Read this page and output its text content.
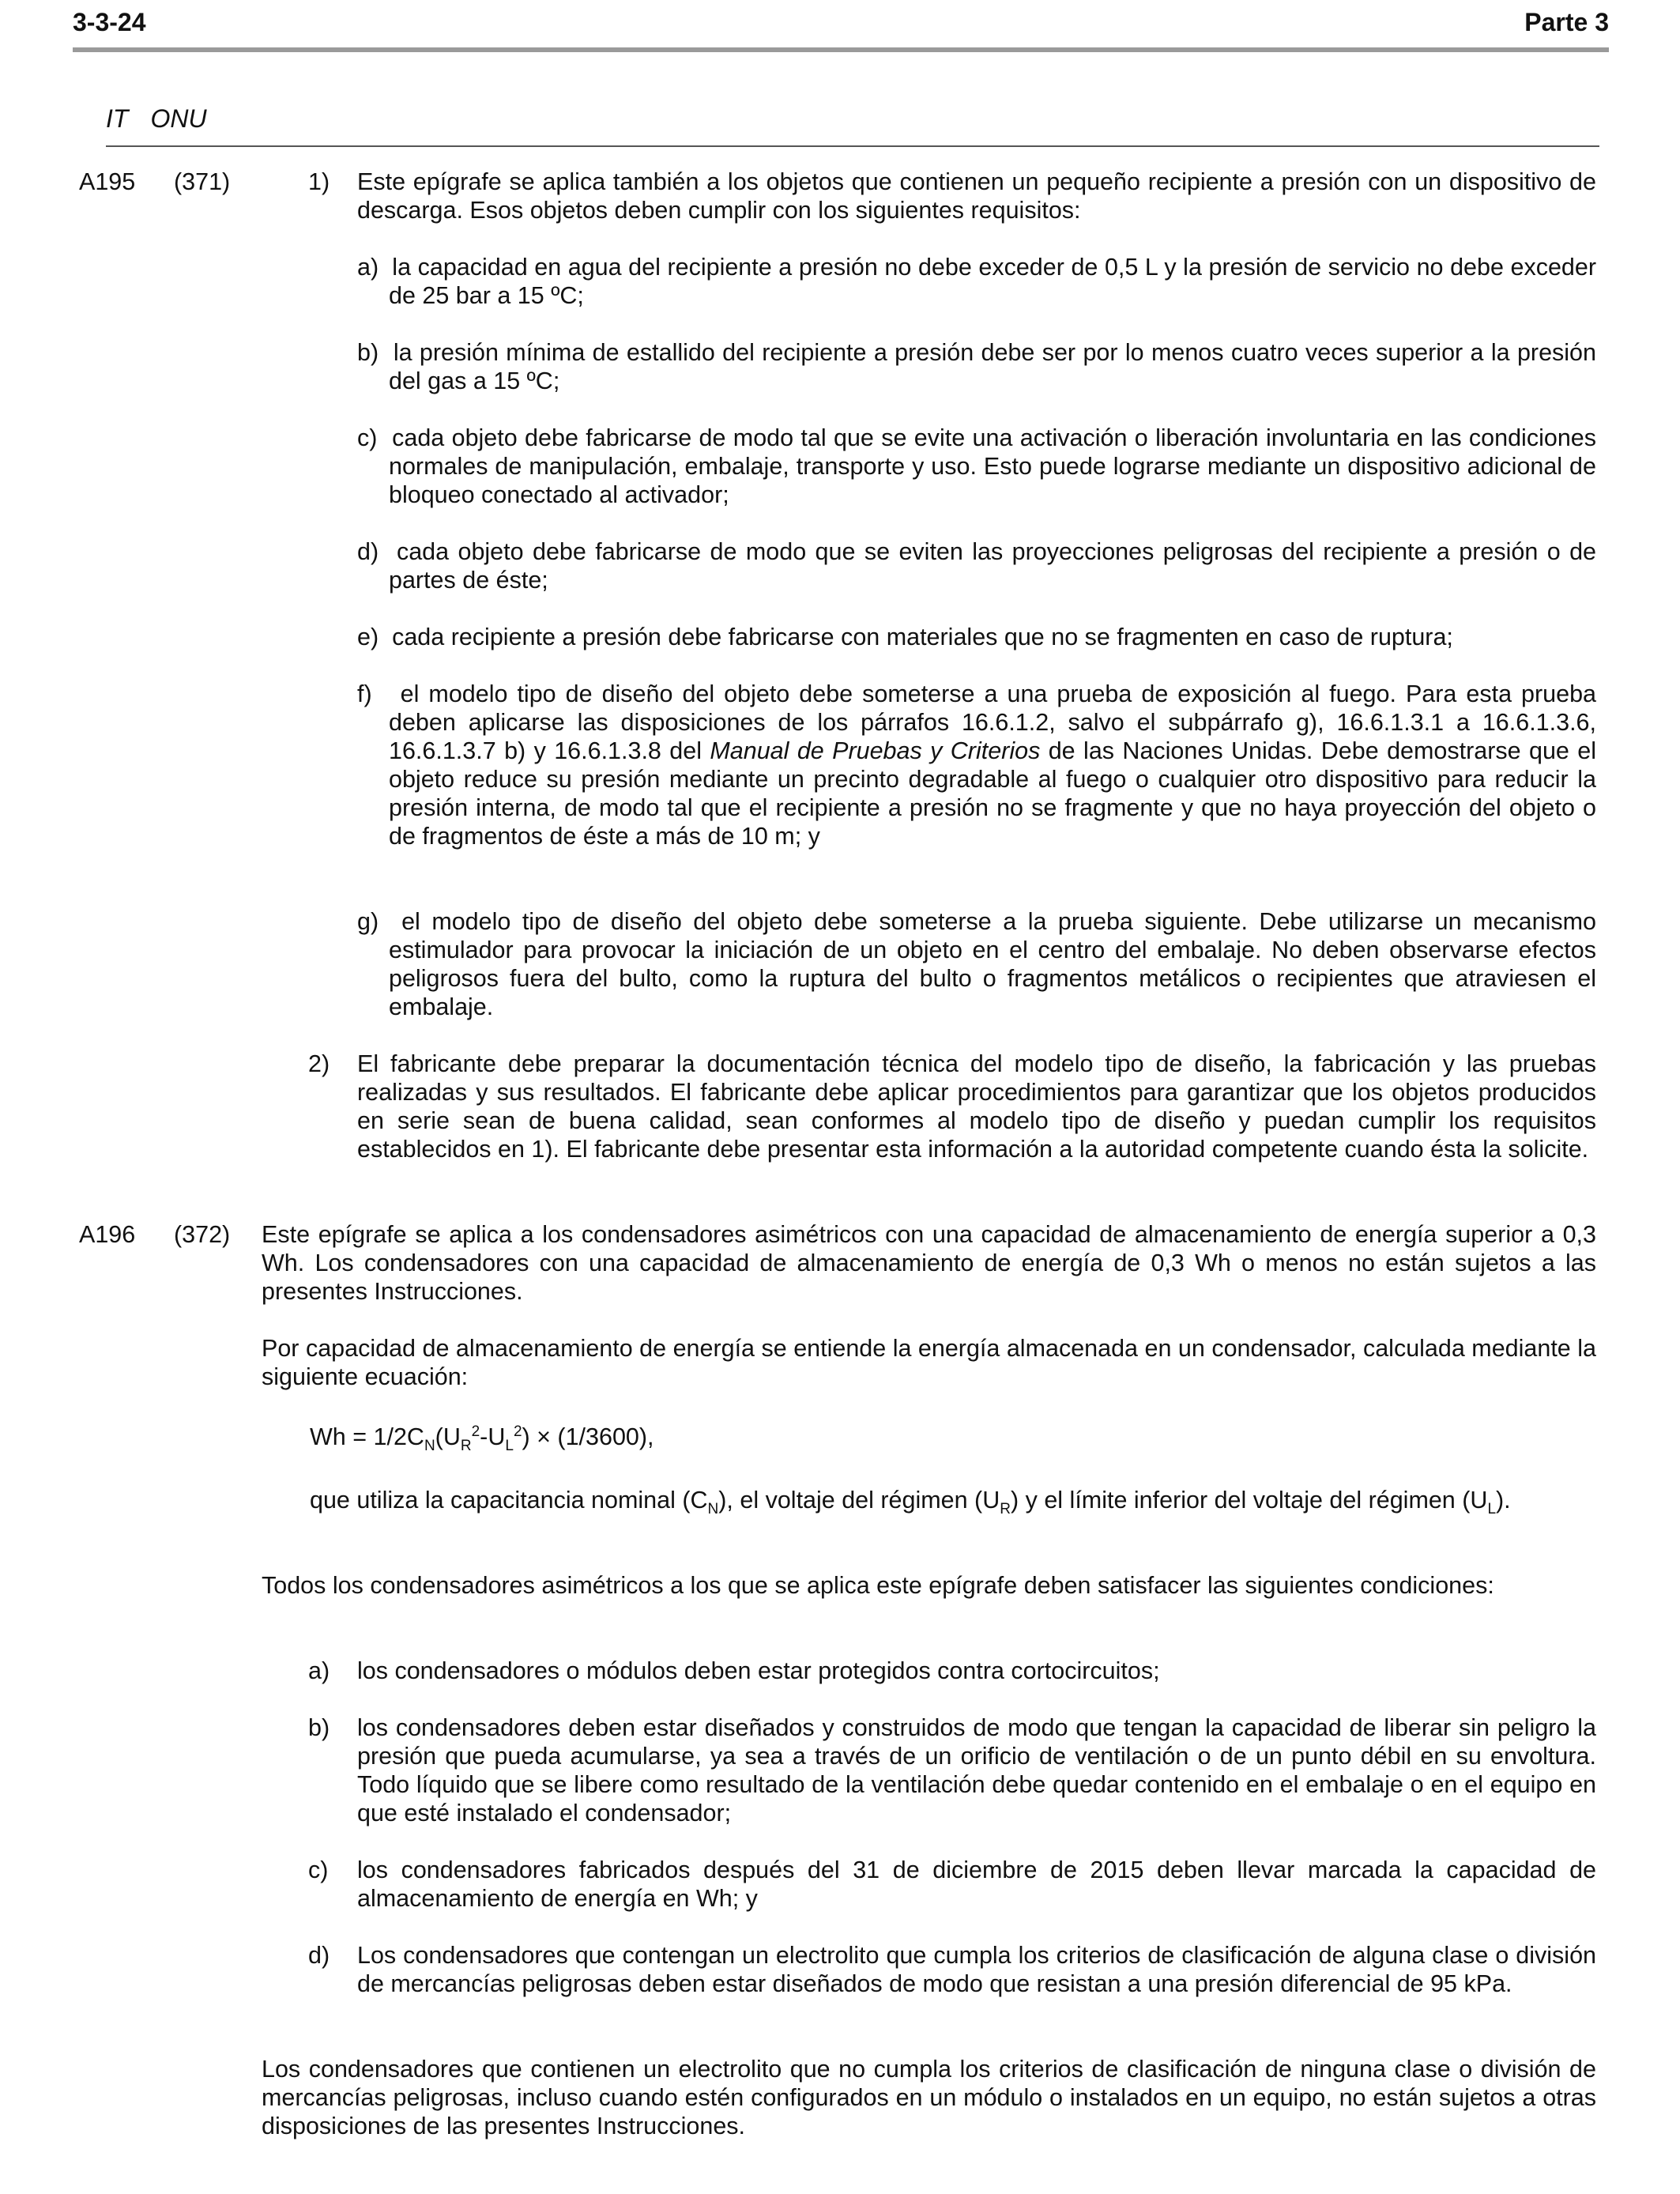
3-3-24	Parte 3
IT ONU
A195 (371)	1) Este epígrafe se aplica también a los objetos que contienen un pequeño recipiente a presión con un dispositivo de descarga. Esos objetos deben cumplir con los siguientes requisitos:

a) la capacidad en agua del recipiente a presión no debe exceder de 0,5 L y la presión de servicio no debe exceder de 25 bar a 15 ºC;

b) la presión mínima de estallido del recipiente a presión debe ser por lo menos cuatro veces superior a la presión del gas a 15 ºC;

c) cada objeto debe fabricarse de modo tal que se evite una activación o liberación involuntaria en las condiciones normales de manipulación, embalaje, transporte y uso. Esto puede lograrse mediante un dispositivo adicional de bloqueo conectado al activador;

d) cada objeto debe fabricarse de modo que se eviten las proyecciones peligrosas del recipiente a presión o de partes de éste;

e) cada recipiente a presión debe fabricarse con materiales que no se fragmenten en caso de ruptura;

f) el modelo tipo de diseño del objeto debe someterse a una prueba de exposición al fuego. Para esta prueba deben aplicarse las disposiciones de los párrafos 16.6.1.2, salvo el subpárrafo g), 16.6.1.3.1 a 16.6.1.3.6, 16.6.1.3.7 b) y 16.6.1.3.8 del Manual de Pruebas y Criterios de las Naciones Unidas. Debe demostrarse que el objeto reduce su presión mediante un precinto degradable al fuego o cualquier otro dispositivo para reducir la presión interna, de modo tal que el recipiente a presión no se fragmente y que no haya proyección del objeto o de fragmentos de éste a más de 10 m; y

g) el modelo tipo de diseño del objeto debe someterse a la prueba siguiente. Debe utilizarse un mecanismo estimulador para provocar la iniciación de un objeto en el centro del embalaje. No deben observarse efectos peligrosos fuera del bulto, como la ruptura del bulto o fragmentos metálicos o recipientes que atraviesen el embalaje.

2) El fabricante debe preparar la documentación técnica del modelo tipo de diseño, la fabricación y las pruebas realizadas y sus resultados. El fabricante debe aplicar procedimientos para garantizar que los objetos producidos en serie sean de buena calidad, sean conformes al modelo tipo de diseño y puedan cumplir los requisitos establecidos en 1). El fabricante debe presentar esta información a la autoridad competente cuando ésta la solicite.

A196 (372) Este epígrafe se aplica a los condensadores asimétricos con una capacidad de almacenamiento de energía superior a 0,3 Wh. Los condensadores con una capacidad de almacenamiento de energía de 0,3 Wh o menos no están sujetos a las presentes Instrucciones.

Por capacidad de almacenamiento de energía se entiende la energía almacenada en un condensador, calculada mediante la siguiente ecuación:

$Wh = 1/2C_N(U_R^2-U_L^2) \times (1/3600)$,

que utiliza la capacitancia nominal $(C_N)$, el voltaje del régimen $(U_R)$ y el límite inferior del voltaje del régimen $(U_L)$.

Todos los condensadores asimétricos a los que se aplica este epígrafe deben satisfacer las siguientes condiciones:

a) los condensadores o módulos deben estar protegidos contra cortocircuitos;

b) los condensadores deben estar diseñados y construidos de modo que tengan la capacidad de liberar sin peligro la presión que pueda acumularse, ya sea a través de un orificio de ventilación o de un punto débil en su envoltura. Todo líquido que se libere como resultado de la ventilación debe quedar contenido en el embalaje o en el equipo en que esté instalado el condensador;

c) los condensadores fabricados después del 31 de diciembre de 2015 deben llevar marcada la capacidad de almacenamiento de energía en Wh; y

d) Los condensadores que contengan un electrolito que cumpla los criterios de clasificación de alguna clase o división de mercancías peligrosas deben estar diseñados de modo que resistan a una presión diferencial de 95 kPa.

Los condensadores que contienen un electrolito que no cumpla los criterios de clasificación de ninguna clase o división de mercancías peligrosas, incluso cuando estén configurados en un módulo o instalados en un equipo, no están sujetos a otras disposiciones de las presentes Instrucciones.
